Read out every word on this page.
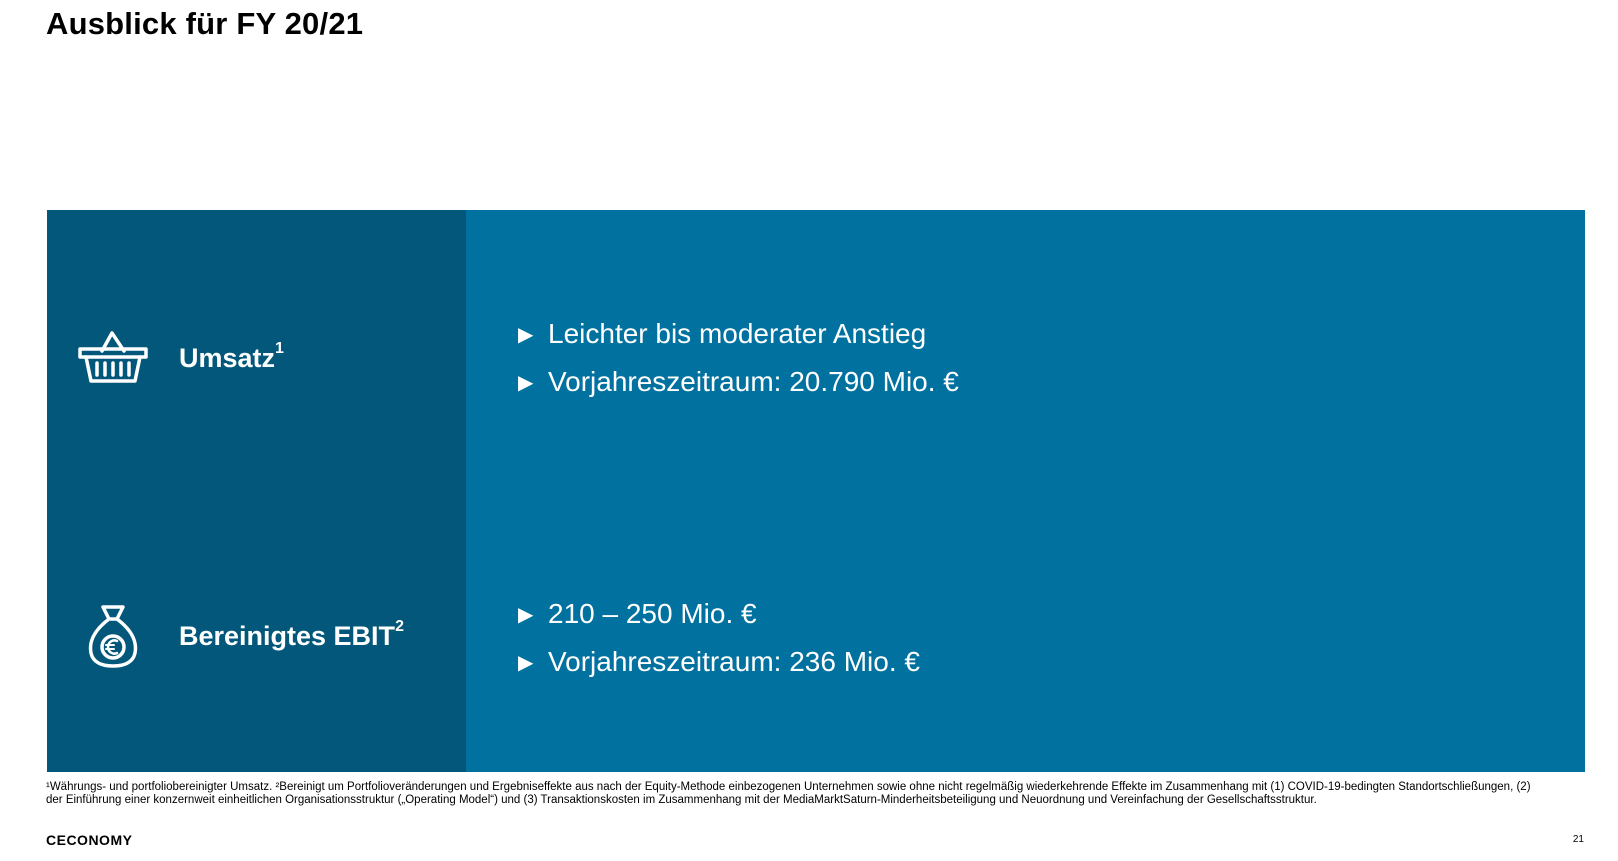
Ausblick für FY 20/21
Umsatz$^1$
Bereinigtes EBIT$^2$
▶ Leichter bis moderater Anstieg
▶ Vorjahreszeitraum: 20.790 Mio. €
▶ 210 – 250 Mio. €
▶ Vorjahreszeitraum: 236 Mio. €
¹Währungs- und portfoliobereinigter Umsatz. ²Bereinigt um Portfolioveränderungen und Ergebniseffekte aus nach der Equity-Methode einbezogenen Unternehmen sowie ohne nicht regelmäßig wiederkehrende Effekte im Zusammenhang mit (1) COVID-19-bedingten Standortschließungen, (2) der Einführung einer konzernweit einheitlichen Organisationsstruktur („Operating Model“) und (3) Transaktionskosten im Zusammenhang mit der MediaMarktSaturn-Minderheitsbeteiligung und Neuordnung und Vereinfachung der Gesellschaftsstruktur.
CECONOMY	21
